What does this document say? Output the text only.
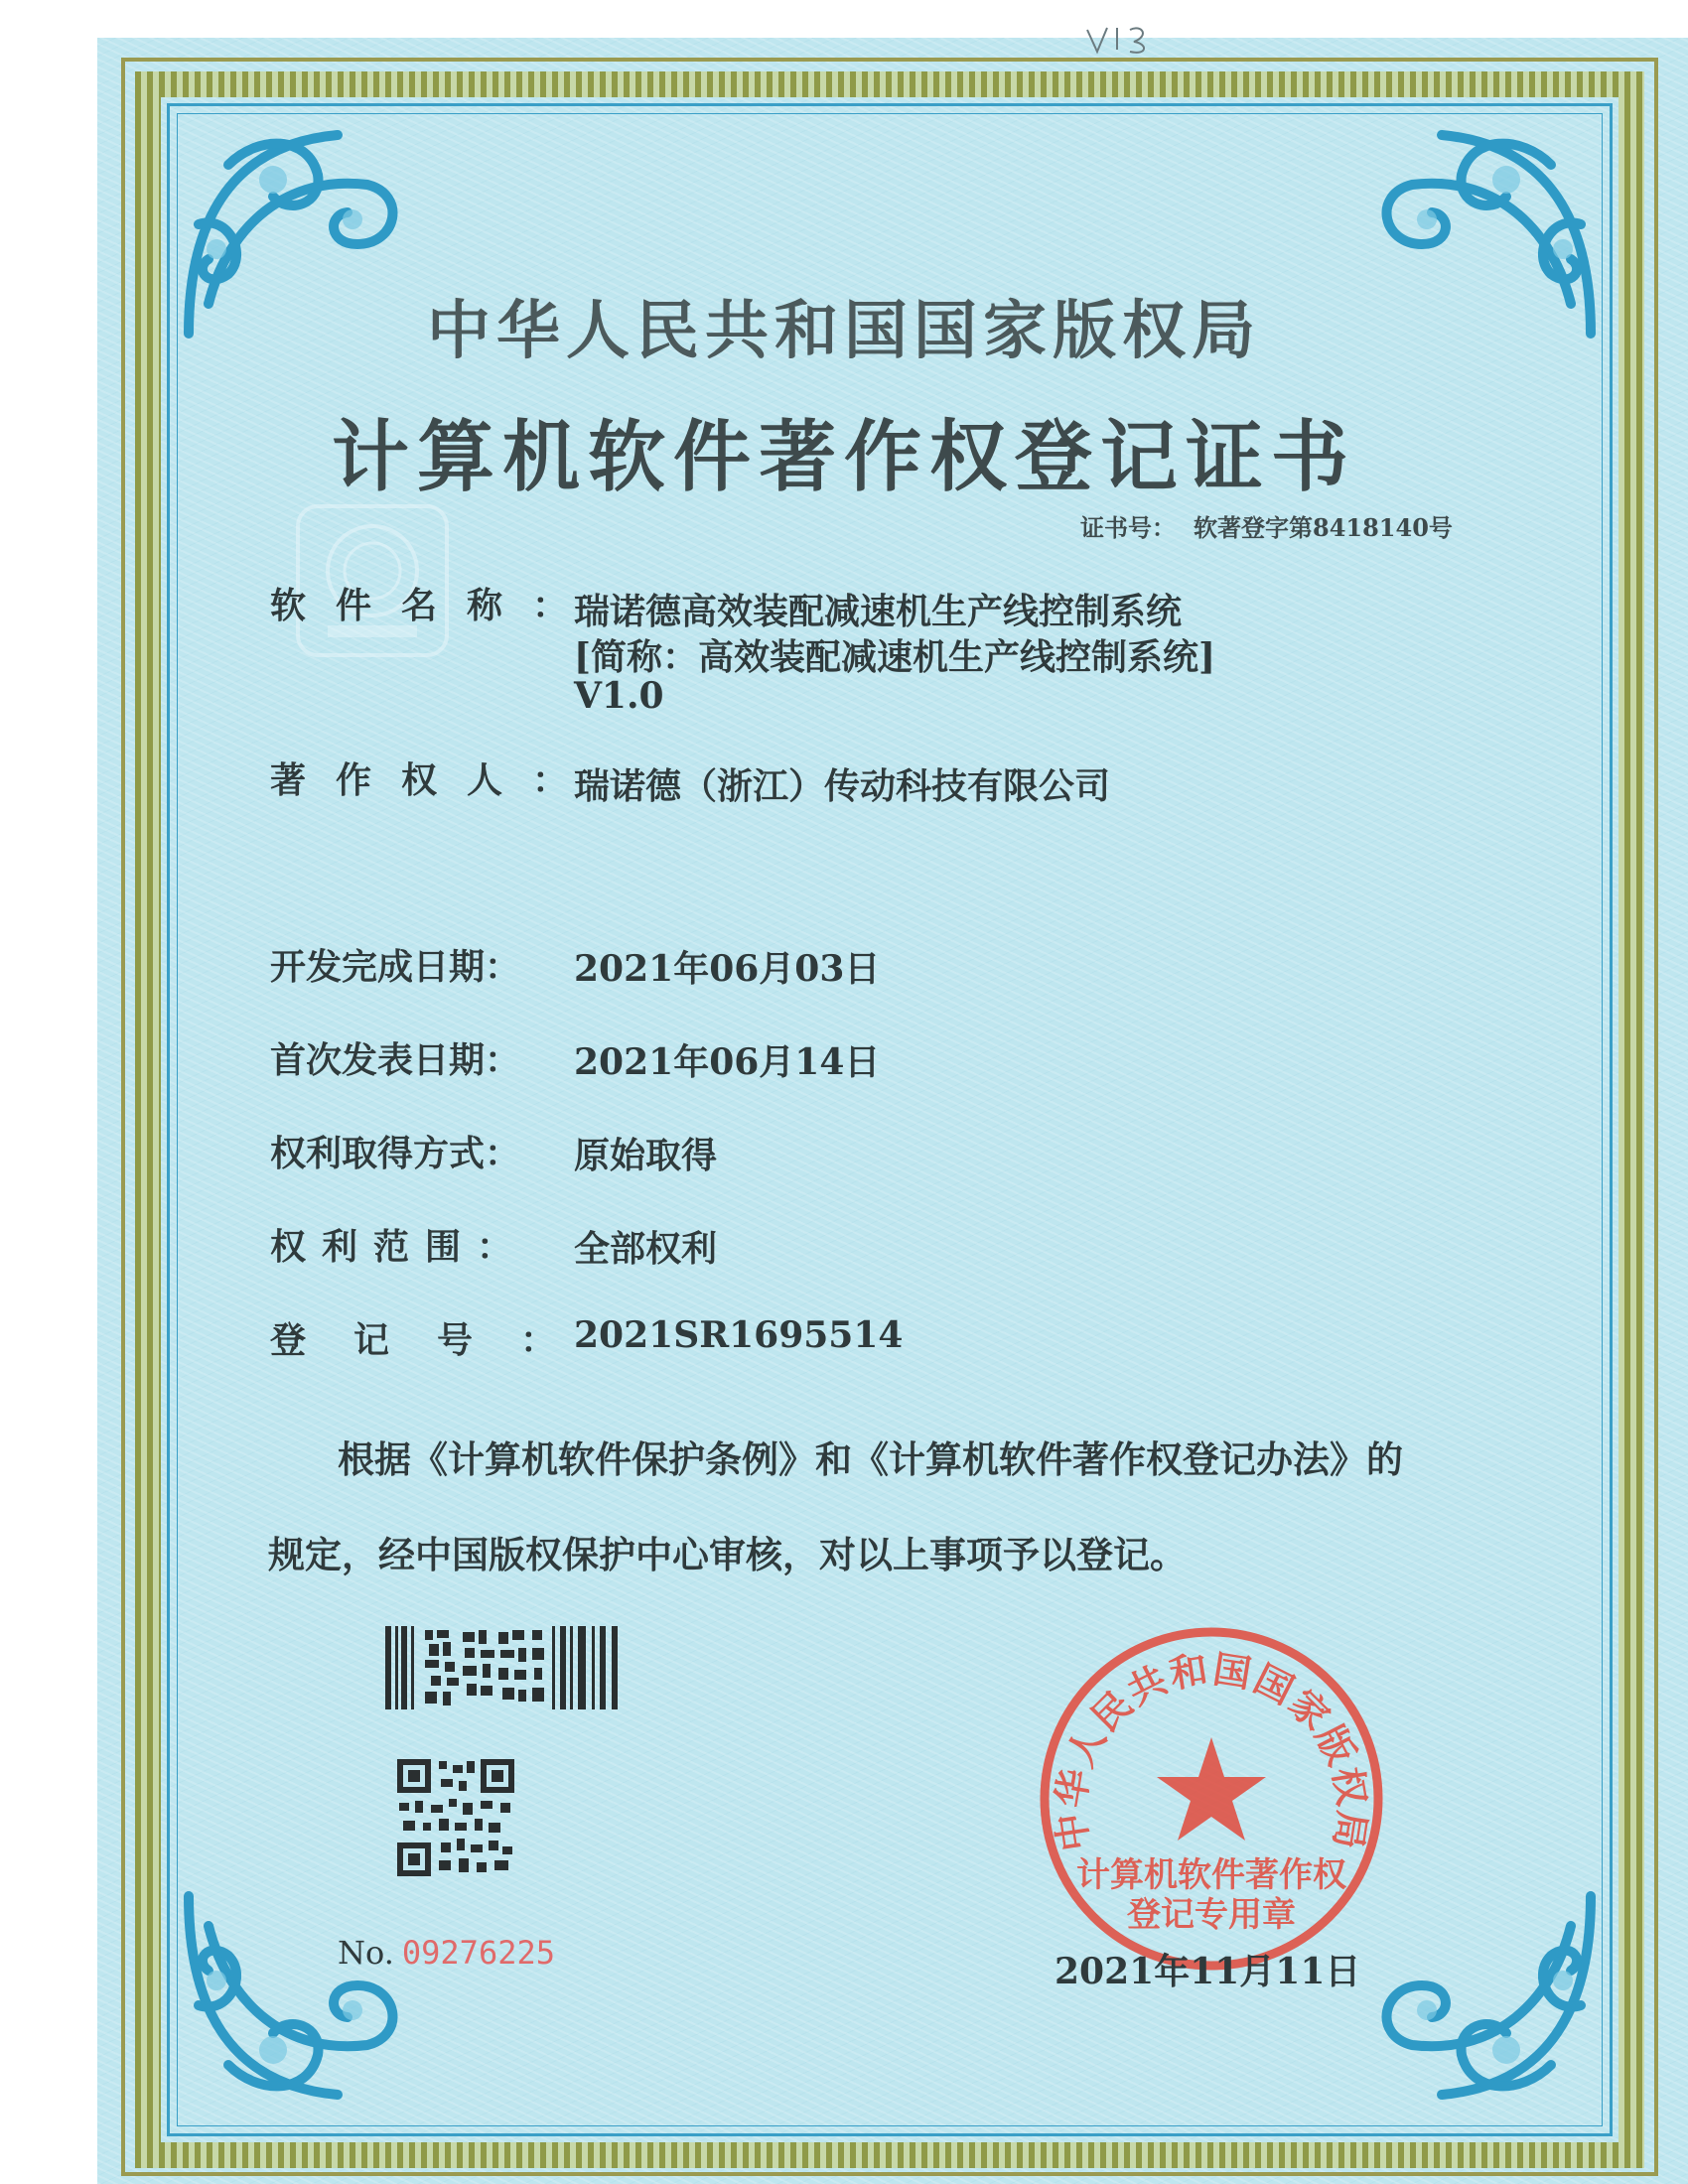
中华人民共和国国家版权局
计算机软件著作权登记证书
证书号： 软著登字第8418140号
软件名称：
瑞诺德高效装配减速机生产线控制系统
[简称：高效装配减速机生产线控制系统]
V1.0
著作权人：
瑞诺德（浙江）传动科技有限公司
开发完成日期：	2021年06月03日
首次发表日期：	2021年06月14日
权利取得方式：	原始取得
权利范围： 全部权利
登记号：
2021SR1695514
根据《计算机软件保护条例》和《计算机软件著作权登记办法》的
规定，经中国版权保护中心审核，对以上事项予以登记。
No. 09276225
中华人民共和国国家版权局
计算机软件著作权
登记专用章
2021年11月11日
